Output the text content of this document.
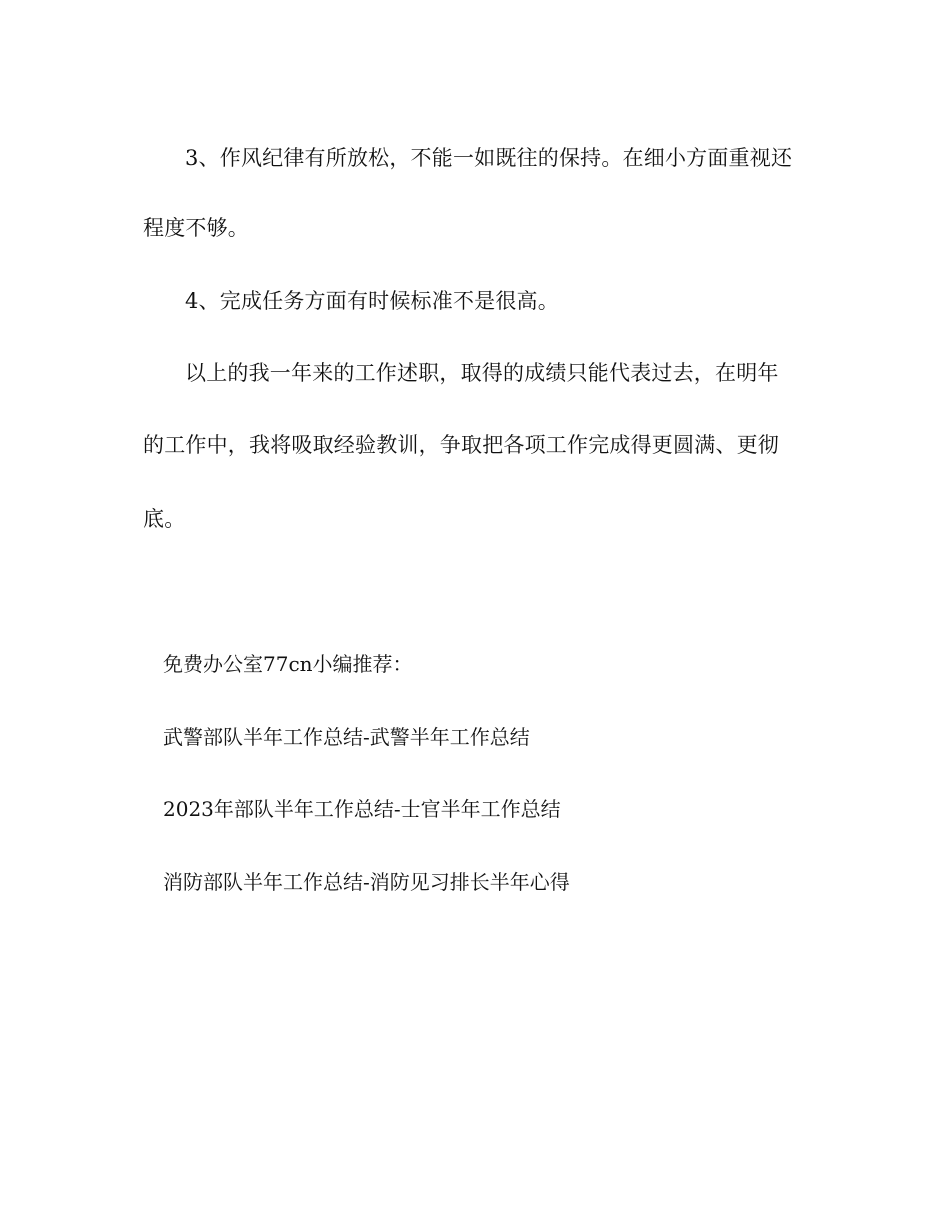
3、作风纪律有所放松，不能一如既往的保持。在细小方面重视还
程度不够。
4、完成任务方面有时候标准不是很高。
以上的我一年来的工作述职，取得的成绩只能代表过去，在明年
的工作中，我将吸取经验教训，争取把各项工作完成得更圆满、更彻
底。
免费办公室77cn小编推荐：
武警部队半年工作总结-武警半年工作总结
2023年部队半年工作总结-士官半年工作总结
消防部队半年工作总结-消防见习排长半年心得
